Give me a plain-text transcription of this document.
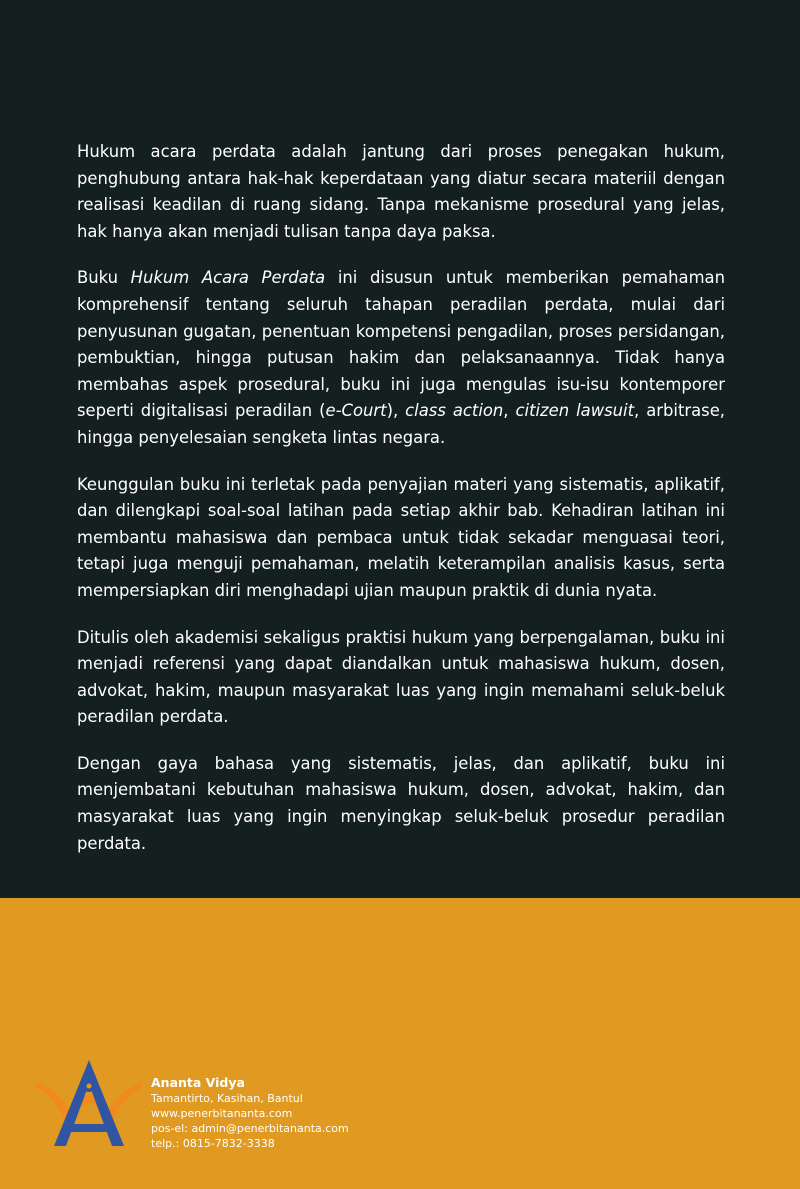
Hukum acara perdata adalah jantung dari proses penegakan hukum, penghubung antara hak-hak keperdataan yang diatur secara materiil dengan realisasi keadilan di ruang sidang. Tanpa mekanisme prosedural yang jelas, hak hanya akan menjadi tulisan tanpa daya paksa.

Buku Hukum Acara Perdata ini disusun untuk memberikan pemahaman komprehensif tentang seluruh tahapan peradilan perdata, mulai dari penyusunan gugatan, penentuan kompetensi pengadilan, proses persidangan, pembuktian, hingga putusan hakim dan pelaksanaannya. Tidak hanya membahas aspek prosedural, buku ini juga mengulas isu-isu kontemporer seperti digitalisasi peradilan (e-Court), class action, citizen lawsuit, arbitrase, hingga penyelesaian sengketa lintas negara.

Keunggulan buku ini terletak pada penyajian materi yang sistematis, aplikatif, dan dilengkapi soal-soal latihan pada setiap akhir bab. Kehadiran latihan ini membantu mahasiswa dan pembaca untuk tidak sekadar menguasai teori, tetapi juga menguji pemahaman, melatih keterampilan analisis kasus, serta mempersiapkan diri menghadapi ujian maupun praktik di dunia nyata.

Ditulis oleh akademisi sekaligus praktisi hukum yang berpengalaman, buku ini menjadi referensi yang dapat diandalkan untuk mahasiswa hukum, dosen, advokat, hakim, maupun masyarakat luas yang ingin memahami seluk-beluk peradilan perdata.

Dengan gaya bahasa yang sistematis, jelas, dan aplikatif, buku ini menjembatani kebutuhan mahasiswa hukum, dosen, advokat, hakim, dan masyarakat luas yang ingin menyingkap seluk-beluk prosedur peradilan perdata.

Ananta Vidya
Tamantirto, Kasihan, Bantul
www.penerbitananta.com
pos-el: admin@penerbitananta.com
telp.: 0815-7832-3338
